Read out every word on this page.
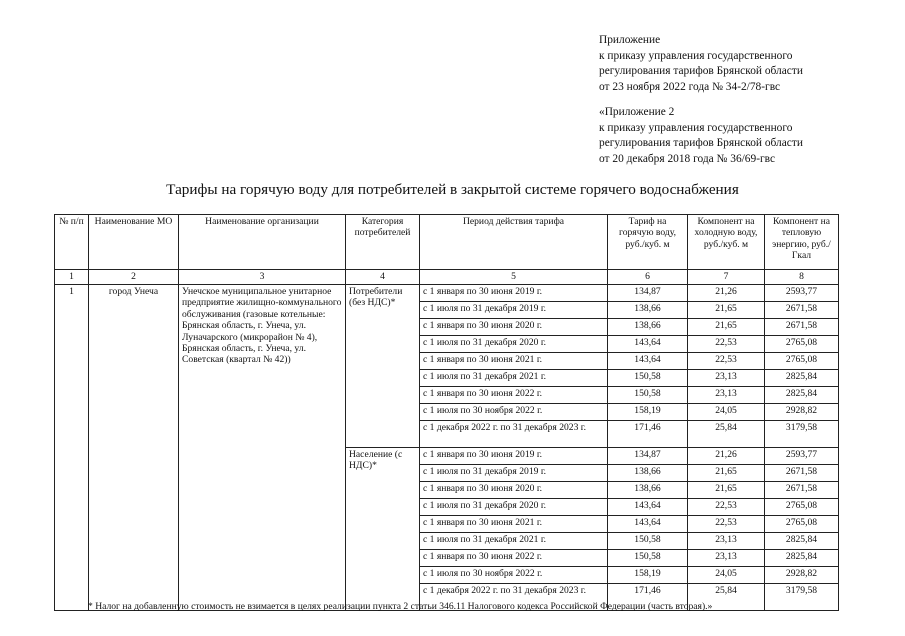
Приложение
к приказу управления государственного
регулирования тарифов Брянской области
от 23 ноября 2022 года № 34-2/78-гвс
«Приложение 2
к приказу управления государственного
регулирования тарифов Брянской области
от 20 декабря 2018 года № 36/69-гвс
Тарифы на горячую воду для потребителей в закрытой системе горячего водоснабжения
№ п/п	Наименование МО	Наименование организации	Категория потребителей	Период действия тарифа	Тариф на горячую воду, руб./куб. м	Компонент на холодную воду, руб./куб. м	Компонент на тепловую энергию, руб./Гкал
1	2	3	4	5	6	7	8
1	город Унеча	Унечское муниципальное унитарное предприятие жилищно-коммунального обслуживания (газовые котельные: Брянская область, г. Унеча, ул. Луначарского (микрорайон № 4), Брянская область, г. Унеча, ул. Советская (квартал № 42))	Потребители (без НДС)*	с 1 января по 30 июня 2019 г.	134,87	21,26	2593,77
				с 1 июля по 31 декабря 2019 г.	138,66	21,65	2671,58
				с 1 января по 30 июня 2020 г.	138,66	21,65	2671,58
				с 1 июля по 31 декабря 2020 г.	143,64	22,53	2765,08
				с 1 января по 30 июня 2021 г.	143,64	22,53	2765,08
				с 1 июля по 31 декабря 2021 г.	150,58	23,13	2825,84
				с 1 января по 30 июня 2022 г.	150,58	23,13	2825,84
				с 1 июля по 30 ноября 2022 г.	158,19	24,05	2928,82
				с 1 декабря 2022 г. по 31 декабря 2023 г.	171,46	25,84	3179,58
			Население (с НДС)*	с 1 января по 30 июня 2019 г.	134,87	21,26	2593,77
				с 1 июля по 31 декабря 2019 г.	138,66	21,65	2671,58
				с 1 января по 30 июня 2020 г.	138,66	21,65	2671,58
				с 1 июля по 31 декабря 2020 г.	143,64	22,53	2765,08
				с 1 января по 30 июня 2021 г.	143,64	22,53	2765,08
				с 1 июля по 31 декабря 2021 г.	150,58	23,13	2825,84
				с 1 января по 30 июня 2022 г.	150,58	23,13	2825,84
				с 1 июля по 30 ноября 2022 г.	158,19	24,05	2928,82
				с 1 декабря 2022 г. по 31 декабря 2023 г.	171,46	25,84	3179,58
* Налог на добавленную стоимость не взимается в целях реализации пункта 2 статьи 346.11 Налогового кодекса Российской Федерации (часть вторая).»
